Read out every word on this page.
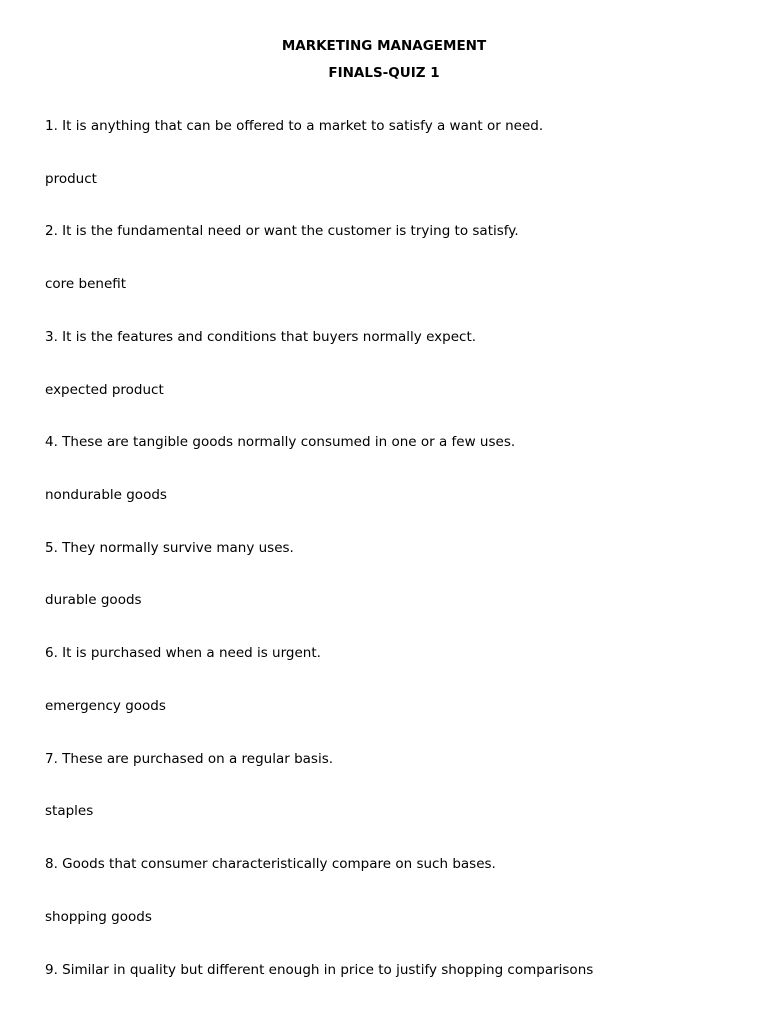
MARKETING MANAGEMENT
FINALS-QUIZ 1
1. It is anything that can be offered to a market to satisfy a want or need.
product
2. It is the fundamental need or want the customer is trying to satisfy.
core benefit
3. It is the features and conditions that buyers normally expect.
expected product
4. These are tangible goods normally consumed in one or a few uses.
nondurable goods
5. They normally survive many uses.
durable goods
6. It is purchased when a need is urgent.
emergency goods
7. These are purchased on a regular basis.
staples
8. Goods that consumer characteristically compare on such bases.
shopping goods
9. Similar in quality but different enough in price to justify shopping comparisons
